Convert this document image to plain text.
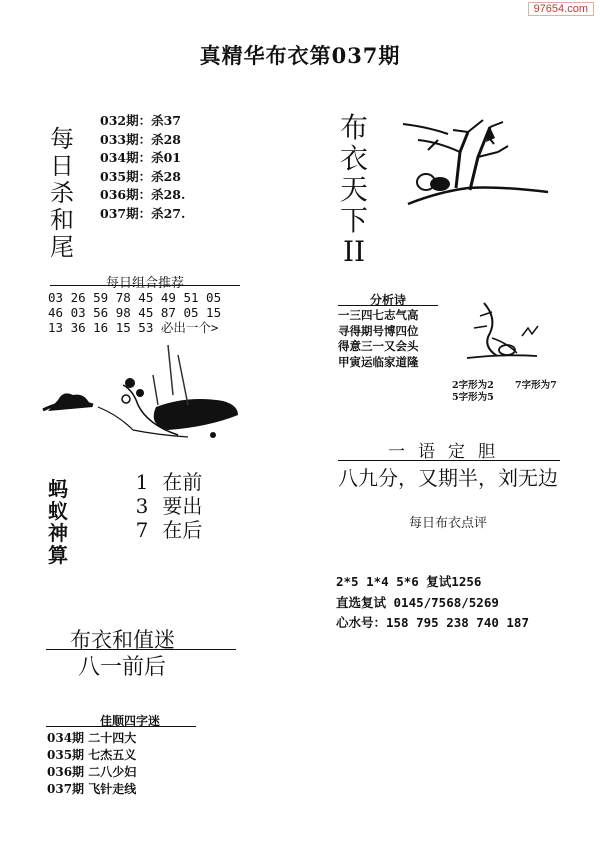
97654.com
真精华布衣第037期
每
日
杀
和
尾
032期：杀37
033期：杀28
034期：杀01
035期：杀28
036期：杀28.
037期：杀27.
布
衣
天
下
II
每日组合推荐
03 26 59 78 45 49 51 05
46 03 56 98 45 87 05 15
13 36 16 15 53 必出一个>
分析诗
一三四七志气高
寻得期号博四位
得意三一又会头
甲寅运临家道隆
2字形为2 7字形为7
5字形为5
一语定胆
八九分，又期半，刘无边
每日布衣点评
2*5 1*4 5*6 复试1256
直选复试 0145/7568/5269
心水号：158 795 238 740 187
蚂
蚁
神
算
1 在前
3 要出
7 在后
布衣和值迷
八一前后
佳顺四字迷
034期 二十四大
035期 七杰五义
036期 二八少妇
037期 飞针走线
